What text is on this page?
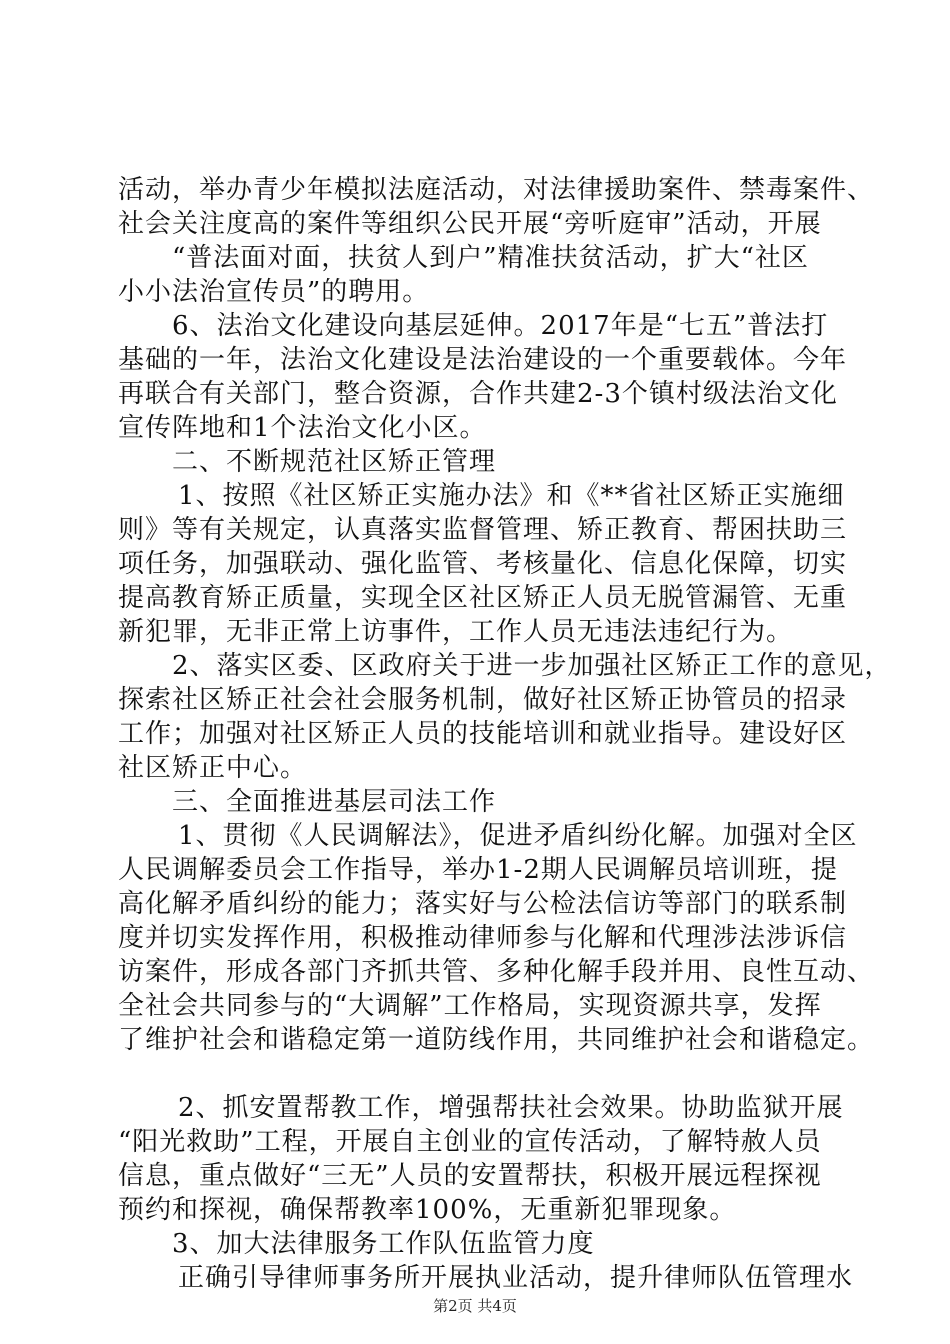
活动，举办青少年模拟法庭活动，对法律援助案件、禁毒案件、
社会关注度高的案件等组织公民开展“旁听庭审”活动，开展
“普法面对面，扶贫人到户”精准扶贫活动，扩大“社区
小小法治宣传员”的聘用。
6、法治文化建设向基层延伸。2017年是“七五”普法打
基础的一年，法治文化建设是法治建设的一个重要载体。今年
再联合有关部门，整合资源，合作共建2-3个镇村级法治文化
宣传阵地和1个法治文化小区。
二、不断规范社区矫正管理
1、按照《社区矫正实施办法》和《**省社区矫正实施细
则》等有关规定，认真落实监督管理、矫正教育、帮困扶助三
项任务，加强联动、强化监管、考核量化、信息化保障，切实
提高教育矫正质量，实现全区社区矫正人员无脱管漏管、无重
新犯罪，无非正常上访事件，工作人员无违法违纪行为。
2、落实区委、区政府关于进一步加强社区矫正工作的意见，
探索社区矫正社会社会服务机制，做好社区矫正协管员的招录
工作；加强对社区矫正人员的技能培训和就业指导。建设好区
社区矫正中心。
三、全面推进基层司法工作
1、贯彻《人民调解法》，促进矛盾纠纷化解。加强对全区
人民调解委员会工作指导，举办1-2期人民调解员培训班，提
高化解矛盾纠纷的能力；落实好与公检法信访等部门的联系制
度并切实发挥作用，积极推动律师参与化解和代理涉法涉诉信
访案件，形成各部门齐抓共管、多种化解手段并用、良性互动、
全社会共同参与的“大调解”工作格局，实现资源共享，发挥
了维护社会和谐稳定第一道防线作用，共同维护社会和谐稳定。
2、抓安置帮教工作，增强帮扶社会效果。协助监狱开展
“阳光救助”工程，开展自主创业的宣传活动，了解特赦人员
信息，重点做好“三无”人员的安置帮扶，积极开展远程探视
预约和探视，确保帮教率100%，无重新犯罪现象。
3、加大法律服务工作队伍监管力度
正确引导律师事务所开展执业活动，提升律师队伍管理水
第2页 共4页
